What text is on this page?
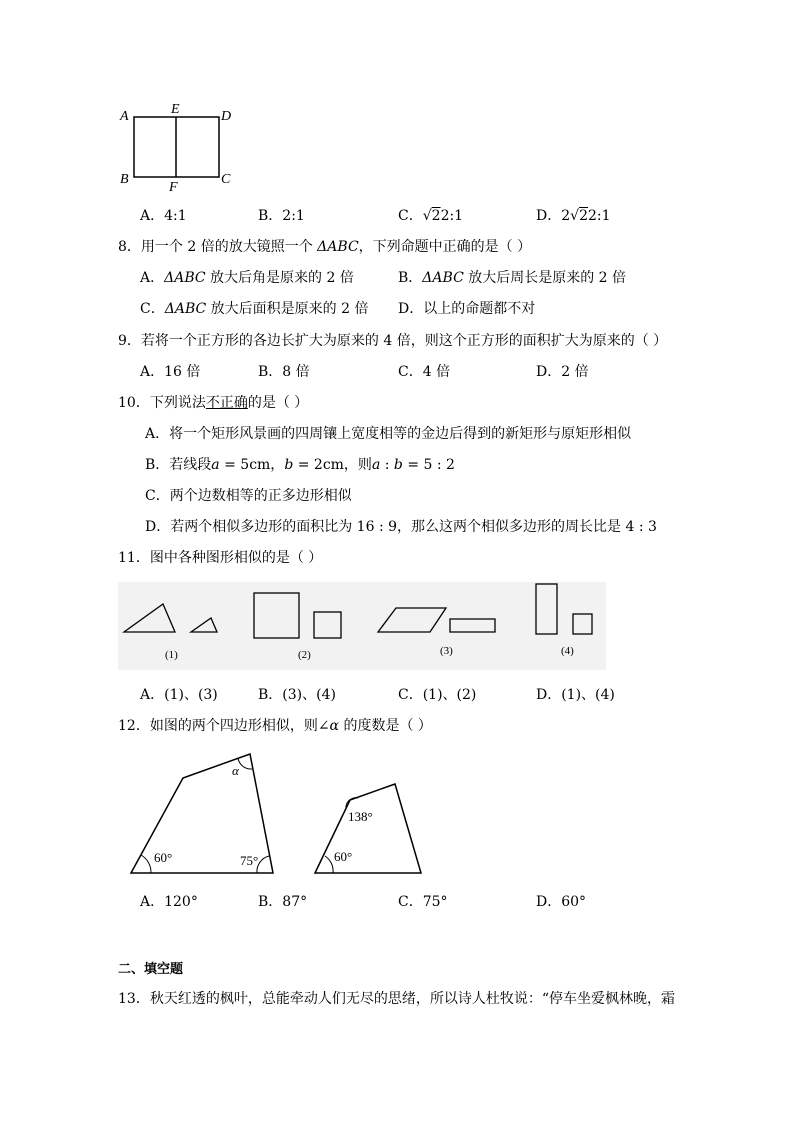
A	E	D
B
F
C
A．4:1	B．2:1	C．√22:1	D．2√22:1
8．用一个 2 倍的放大镜照一个 ΔABC，下列命题中正确的是（ ）
A．ΔABC 放大后角是原来的 2 倍	B．ΔABC 放大后周长是原来的 2 倍
C．ΔABC 放大后面积是原来的 2 倍 D．以上的命题都不对
9．若将一个正方形的各边长扩大为原来的 4 倍，则这个正方形的面积扩大为原来的（ ）
A．16 倍	B．8 倍	C．4 倍	D．2 倍
10．下列说法不正确的是（ ）
A．将一个矩形风景画的四周镶上宽度相等的金边后得到的新矩形与原矩形相似
B．若线段a = 5cm，b = 2cm，则a : b = 5 : 2
C．两个边数相等的正多边形相似
D．若两个相似多边形的面积比为 16 : 9，那么这两个相似多边形的周长比是 4 : 3
11．图中各种图形相似的是（ ）
(1)	(2)	(3)	(4)
A．(1)、(3)	B．(3)、(4)	C．(1)、(2)	D．(1)、(4)
12．如图的两个四边形相似，则∠α 的度数是（ ）
α
60°	75°
138°
60°
A．120°	B．87°	C．75°	D．60°
二、填空题
13．秋天红透的枫叶，总能牵动人们无尽的思绪，所以诗人杜牧说：“停车坐爱枫林晚，霜
